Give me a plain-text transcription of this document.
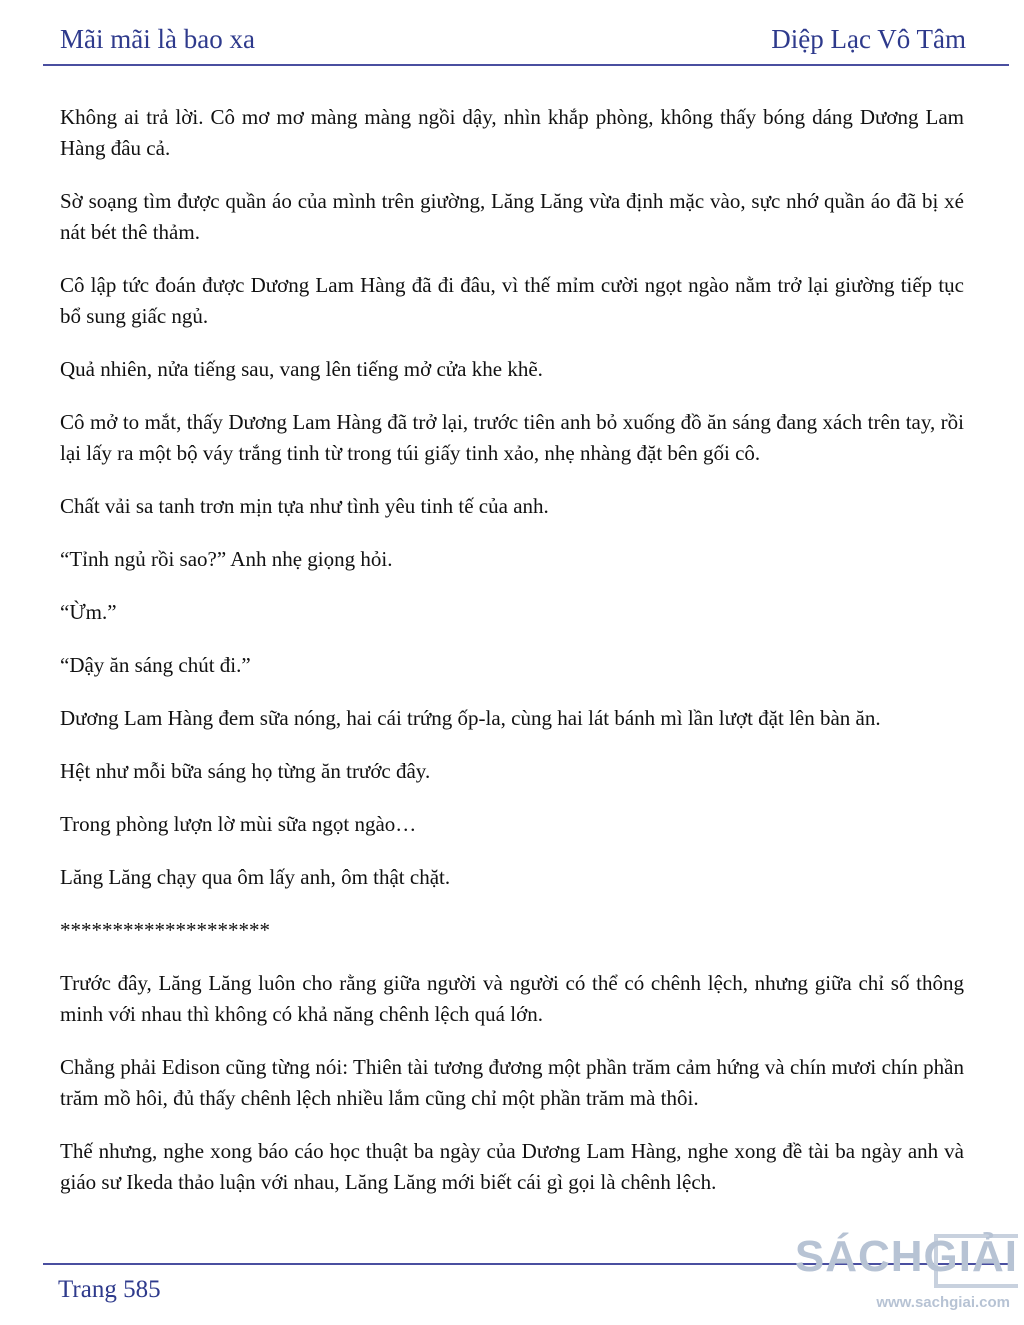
Mãi mãi là bao xa	Diệp Lạc Vô Tâm

Không ai trả lời. Cô mơ mơ màng màng ngồi dậy, nhìn khắp phòng, không thấy bóng dáng Dương Lam Hàng đâu cả.

Sờ soạng tìm được quần áo của mình trên giường, Lăng Lăng vừa định mặc vào, sực nhớ quần áo đã bị xé nát bét thê thảm.

Cô lập tức đoán được Dương Lam Hàng đã đi đâu, vì thế mỉm cười ngọt ngào nằm trở lại giường tiếp tục bổ sung giấc ngủ.

Quả nhiên, nửa tiếng sau, vang lên tiếng mở cửa khe khẽ.

Cô mở to mắt, thấy Dương Lam Hàng đã trở lại, trước tiên anh bỏ xuống đồ ăn sáng đang xách trên tay, rồi lại lấy ra một bộ váy trắng tinh từ trong túi giấy tinh xảo, nhẹ nhàng đặt bên gối cô.

Chất vải sa tanh trơn mịn tựa như tình yêu tinh tế của anh.

“Tỉnh ngủ rồi sao?” Anh nhẹ giọng hỏi.

“Ừm.”

“Dậy ăn sáng chút đi.”

Dương Lam Hàng đem sữa nóng, hai cái trứng ốp-la, cùng hai lát bánh mì lần lượt đặt lên bàn ăn.

Hệt như mỗi bữa sáng họ từng ăn trước đây.

Trong phòng lượn lờ mùi sữa ngọt ngào…

Lăng Lăng chạy qua ôm lấy anh, ôm thật chặt.

********************

Trước đây, Lăng Lăng luôn cho rằng giữa người và người có thể có chênh lệch, nhưng giữa chỉ số thông minh với nhau thì không có khả năng chênh lệch quá lớn.

Chẳng phải Edison cũng từng nói: Thiên tài tương đương một phần trăm cảm hứng và chín mươi chín phần trăm mồ hôi, đủ thấy chênh lệch nhiều lắm cũng chỉ một phần trăm mà thôi.

Thế nhưng, nghe xong báo cáo học thuật ba ngày của Dương Lam Hàng, nghe xong đề tài ba ngày anh và giáo sư Ikeda thảo luận với nhau, Lăng Lăng mới biết cái gì gọi là chênh lệch.

Trang 585
SÁCHGIẢI
www.sachgiai.com
